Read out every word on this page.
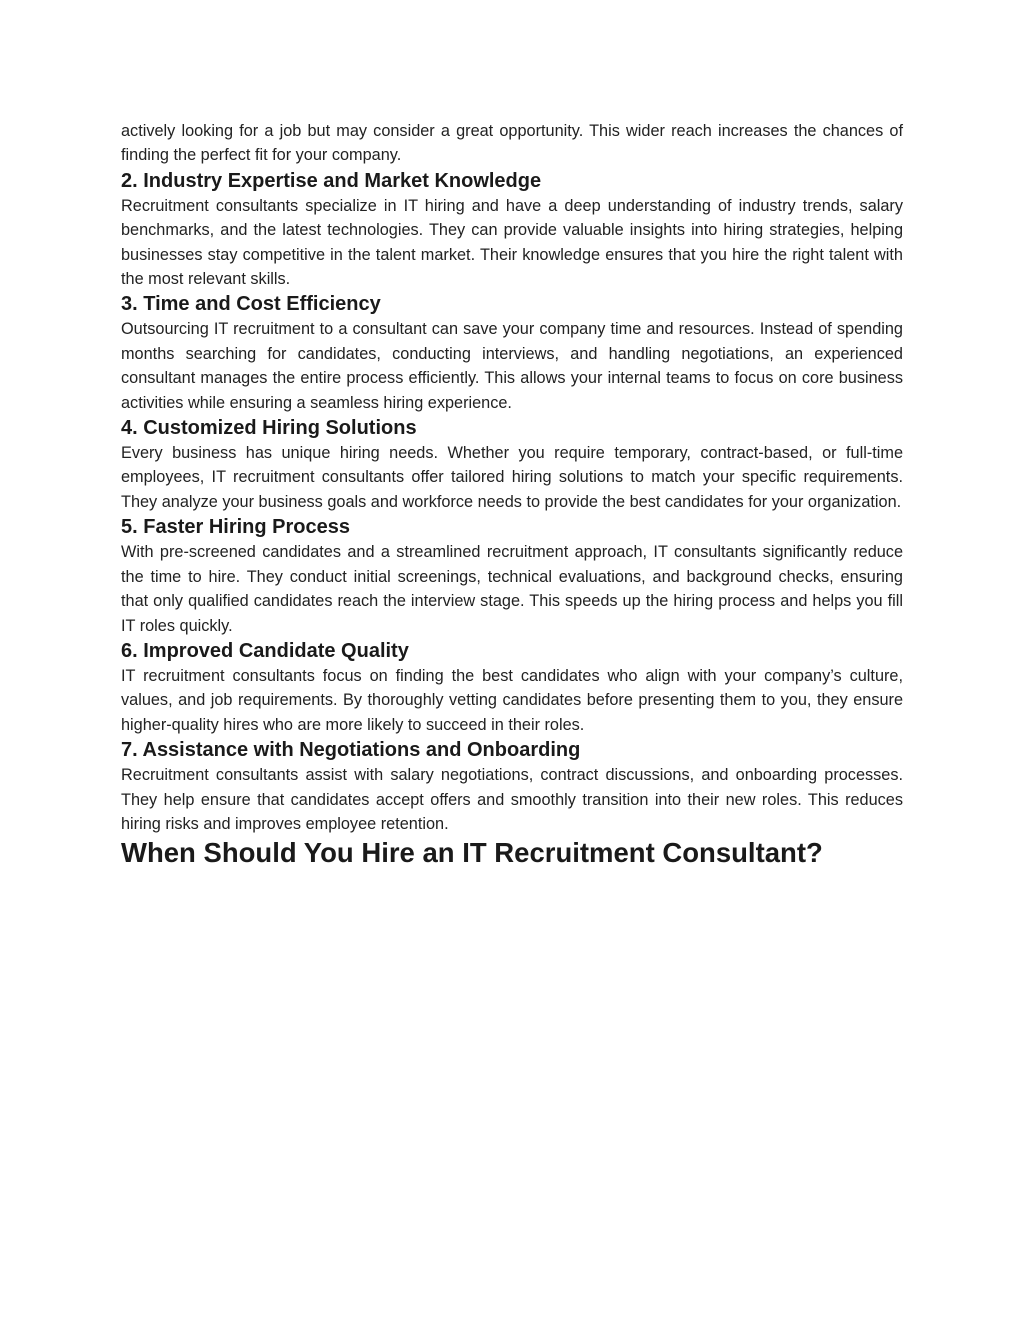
actively looking for a job but may consider a great opportunity. This wider reach increases the chances of finding the perfect fit for your company.

2. Industry Expertise and Market Knowledge

Recruitment consultants specialize in IT hiring and have a deep understanding of industry trends, salary benchmarks, and the latest technologies. They can provide valuable insights into hiring strategies, helping businesses stay competitive in the talent market. Their knowledge ensures that you hire the right talent with the most relevant skills.

3. Time and Cost Efficiency

Outsourcing IT recruitment to a consultant can save your company time and resources. Instead of spending months searching for candidates, conducting interviews, and handling negotiations, an experienced consultant manages the entire process efficiently. This allows your internal teams to focus on core business activities while ensuring a seamless hiring experience.

4. Customized Hiring Solutions

Every business has unique hiring needs. Whether you require temporary, contract-based, or full-time employees, IT recruitment consultants offer tailored hiring solutions to match your specific requirements. They analyze your business goals and workforce needs to provide the best candidates for your organization.

5. Faster Hiring Process

With pre-screened candidates and a streamlined recruitment approach, IT consultants significantly reduce the time to hire. They conduct initial screenings, technical evaluations, and background checks, ensuring that only qualified candidates reach the interview stage. This speeds up the hiring process and helps you fill IT roles quickly.

6. Improved Candidate Quality

IT recruitment consultants focus on finding the best candidates who align with your company’s culture, values, and job requirements. By thoroughly vetting candidates before presenting them to you, they ensure higher-quality hires who are more likely to succeed in their roles.

7. Assistance with Negotiations and Onboarding

Recruitment consultants assist with salary negotiations, contract discussions, and onboarding processes. They help ensure that candidates accept offers and smoothly transition into their new roles. This reduces hiring risks and improves employee retention.

When Should You Hire an IT Recruitment Consultant?
